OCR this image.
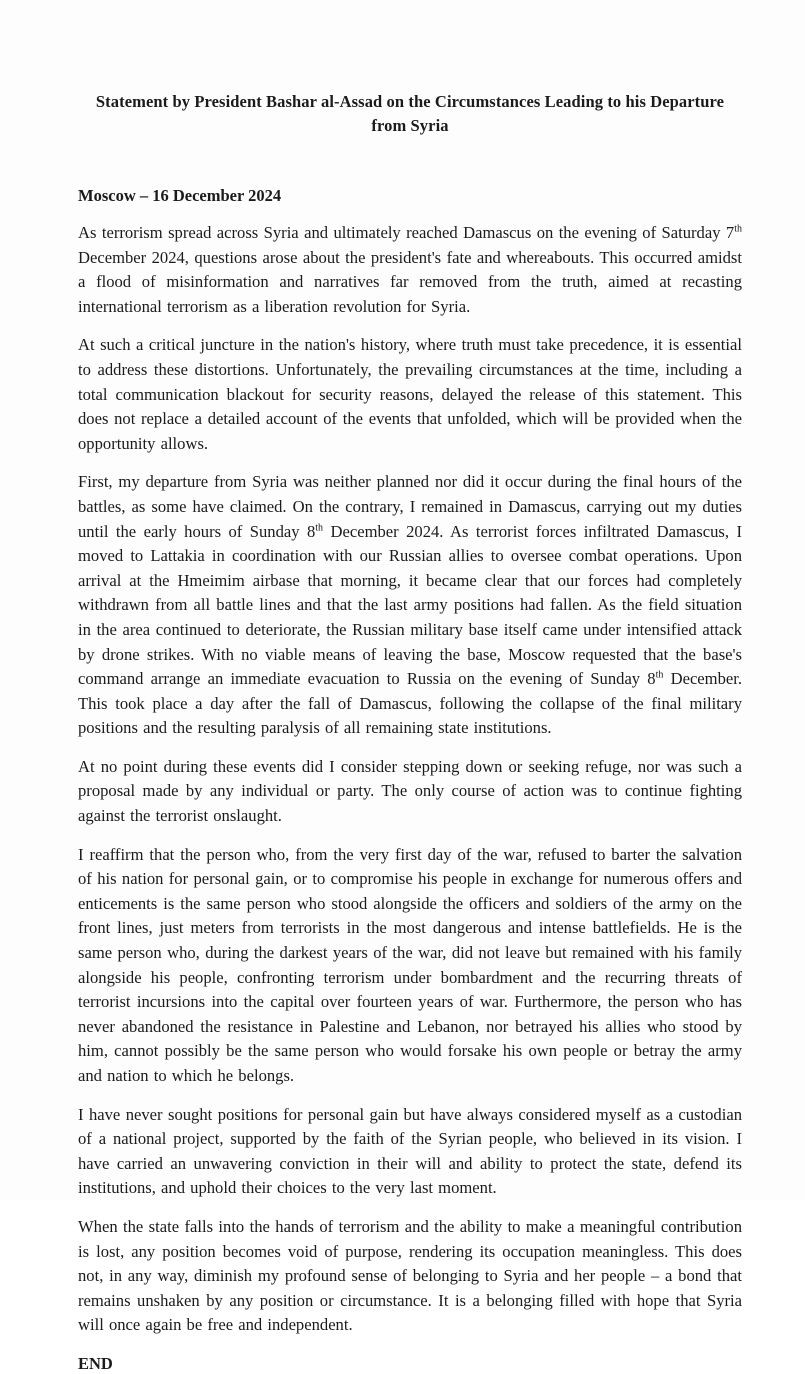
Statement by President Bashar al-Assad on the Circumstances Leading to his Departure from Syria
Moscow – 16 December 2024

As terrorism spread across Syria and ultimately reached Damascus on the evening of Saturday 7th December 2024, questions arose about the president's fate and whereabouts. This occurred amidst a flood of misinformation and narratives far removed from the truth, aimed at recasting international terrorism as a liberation revolution for Syria.

At such a critical juncture in the nation's history, where truth must take precedence, it is essential to address these distortions. Unfortunately, the prevailing circumstances at the time, including a total communication blackout for security reasons, delayed the release of this statement. This does not replace a detailed account of the events that unfolded, which will be provided when the opportunity allows.

First, my departure from Syria was neither planned nor did it occur during the final hours of the battles, as some have claimed. On the contrary, I remained in Damascus, carrying out my duties until the early hours of Sunday 8th December 2024. As terrorist forces infiltrated Damascus, I moved to Lattakia in coordination with our Russian allies to oversee combat operations. Upon arrival at the Hmeimim airbase that morning, it became clear that our forces had completely withdrawn from all battle lines and that the last army positions had fallen. As the field situation in the area continued to deteriorate, the Russian military base itself came under intensified attack by drone strikes. With no viable means of leaving the base, Moscow requested that the base's command arrange an immediate evacuation to Russia on the evening of Sunday 8th December. This took place a day after the fall of Damascus, following the collapse of the final military positions and the resulting paralysis of all remaining state institutions.

At no point during these events did I consider stepping down or seeking refuge, nor was such a proposal made by any individual or party. The only course of action was to continue fighting against the terrorist onslaught.

I reaffirm that the person who, from the very first day of the war, refused to barter the salvation of his nation for personal gain, or to compromise his people in exchange for numerous offers and enticements is the same person who stood alongside the officers and soldiers of the army on the front lines, just meters from terrorists in the most dangerous and intense battlefields. He is the same person who, during the darkest years of the war, did not leave but remained with his family alongside his people, confronting terrorism under bombardment and the recurring threats of terrorist incursions into the capital over fourteen years of war. Furthermore, the person who has never abandoned the resistance in Palestine and Lebanon, nor betrayed his allies who stood by him, cannot possibly be the same person who would forsake his own people or betray the army and nation to which he belongs.

I have never sought positions for personal gain but have always considered myself as a custodian of a national project, supported by the faith of the Syrian people, who believed in its vision. I have carried an unwavering conviction in their will and ability to protect the state, defend its institutions, and uphold their choices to the very last moment.

When the state falls into the hands of terrorism and the ability to make a meaningful contribution is lost, any position becomes void of purpose, rendering its occupation meaningless. This does not, in any way, diminish my profound sense of belonging to Syria and her people – a bond that remains unshaken by any position or circumstance. It is a belonging filled with hope that Syria will once again be free and independent.

END
